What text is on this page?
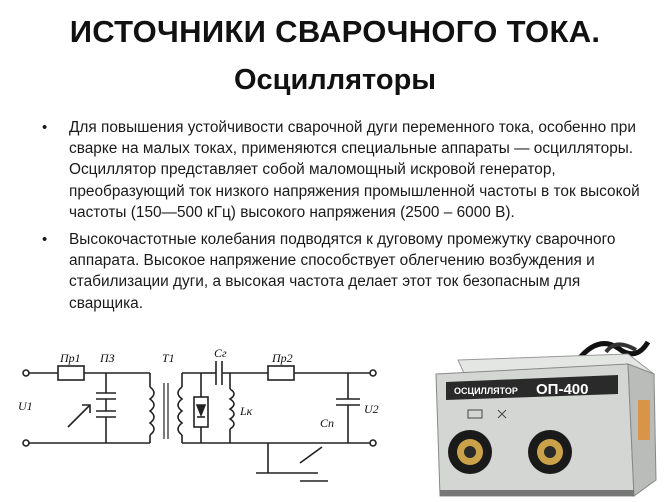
ИСТОЧНИКИ СВАРОЧНОГО ТОКА.
Осцилляторы
• Для повышения устойчивости сварочной дуги переменного тока, особенно при сварке на малых токах, применяются специальные аппараты — осцилляторы. Осциллятор представляет собой маломощный искровой генератор, преобразующий ток низкого напряжения промышленной частоты в ток высокой частоты (150—500 кГц) высокого напряжения (2500 – 6000 В).
• Высокочастотные колебания подводятся к дуговому промежутку сварочного аппарата. Высокое напряжение способствует облегчению возбуждения и стабилизации дуги, а высокая частота делает этот ток безопасным для сварщика.
Пр1 ПЗ	Т1	Сг	Пр2
U1	Lк
Сп
U2
ОСЦИЛЛЯТОР ОП-400
